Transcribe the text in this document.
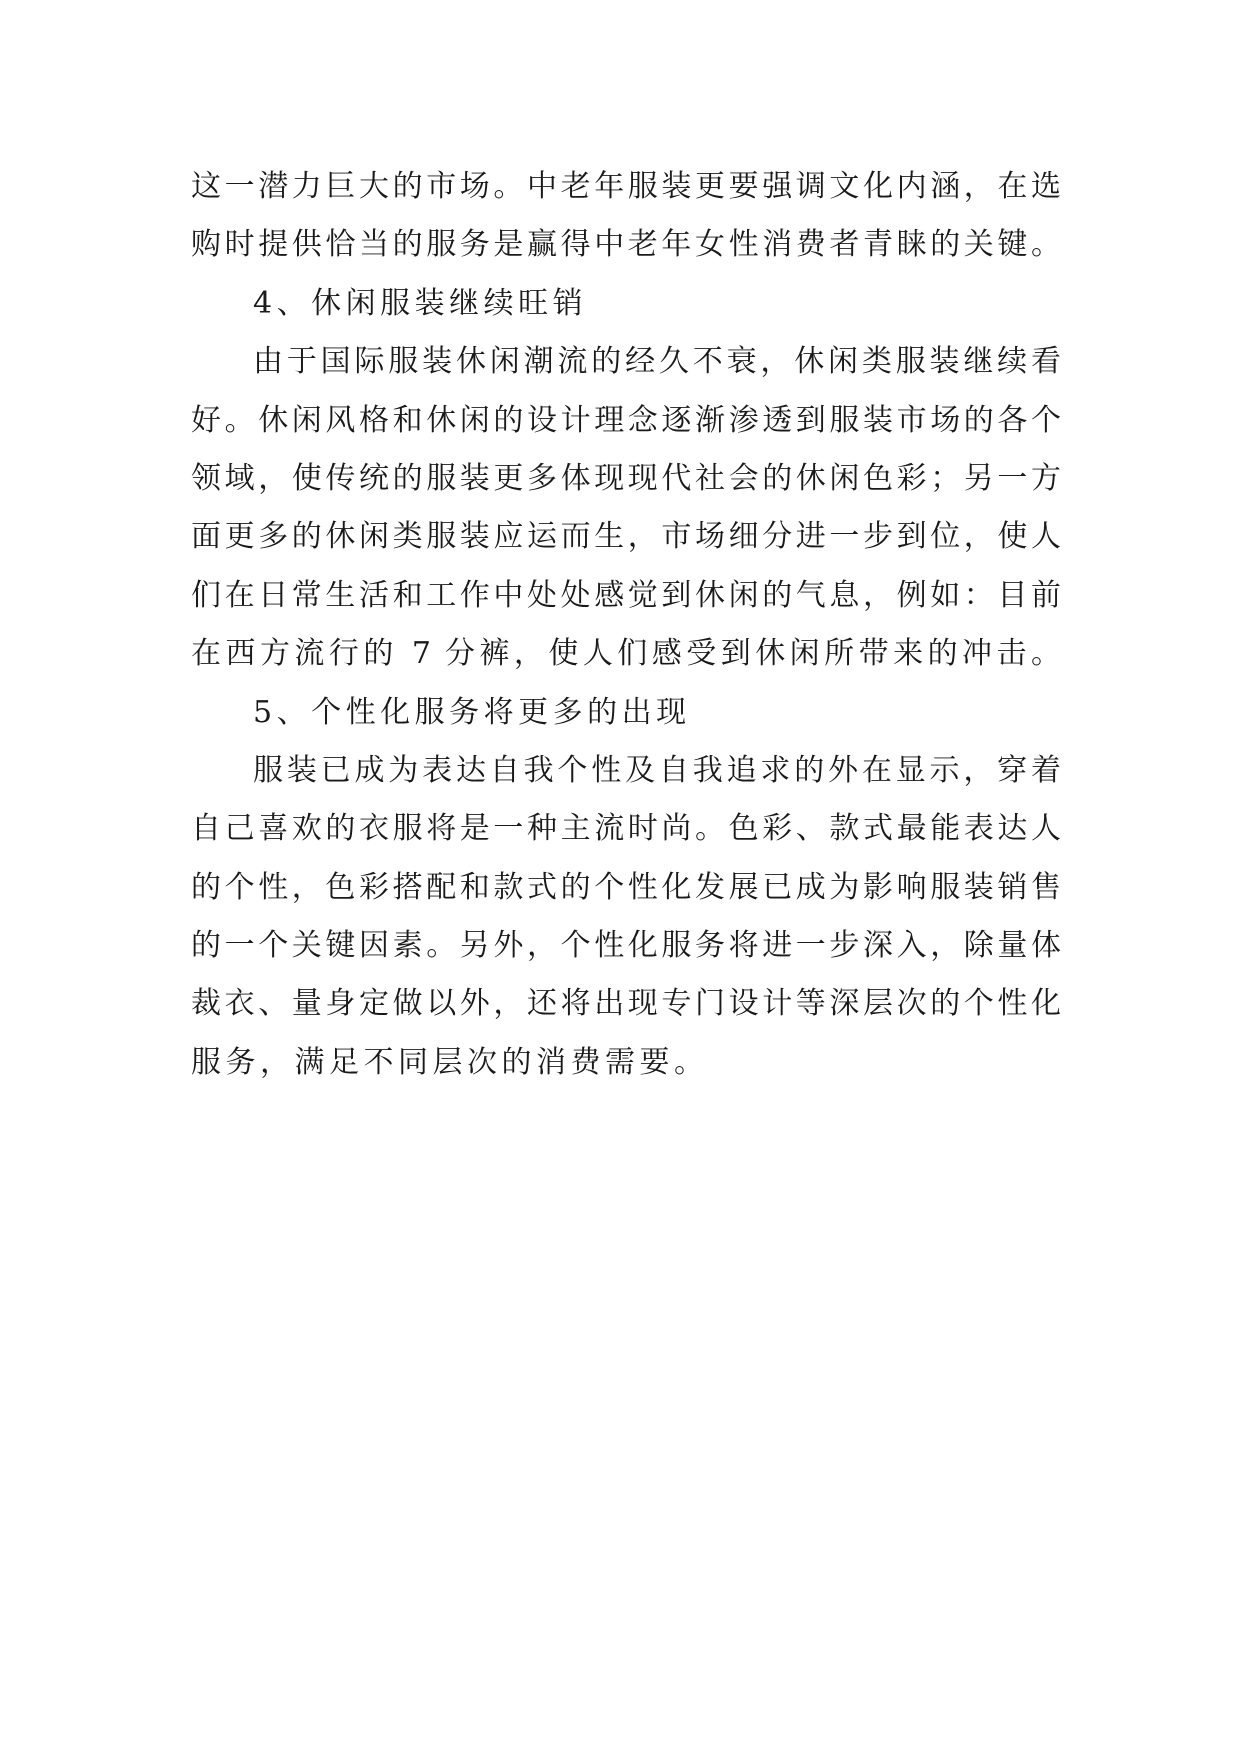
这一潜力巨大的市场。中老年服装更要强调文化内涵，在选
购时提供恰当的服务是赢得中老年女性消费者青睐的关键。
4、休闲服装继续旺销
由于国际服装休闲潮流的经久不衰，休闲类服装继续看
好。休闲风格和休闲的设计理念逐渐渗透到服装市场的各个
领域，使传统的服装更多体现现代社会的休闲色彩；另一方
面更多的休闲类服装应运而生，市场细分进一步到位，使人
们在日常生活和工作中处处感觉到休闲的气息，例如：目前
在西方流行的 7 分裤，使人们感受到休闲所带来的冲击。
5、个性化服务将更多的出现
服装已成为表达自我个性及自我追求的外在显示，穿着
自己喜欢的衣服将是一种主流时尚。色彩、款式最能表达人
的个性，色彩搭配和款式的个性化发展已成为影响服装销售
的一个关键因素。另外，个性化服务将进一步深入，除量体
裁衣、量身定做以外，还将出现专门设计等深层次的个性化
服务，满足不同层次的消费需要。
